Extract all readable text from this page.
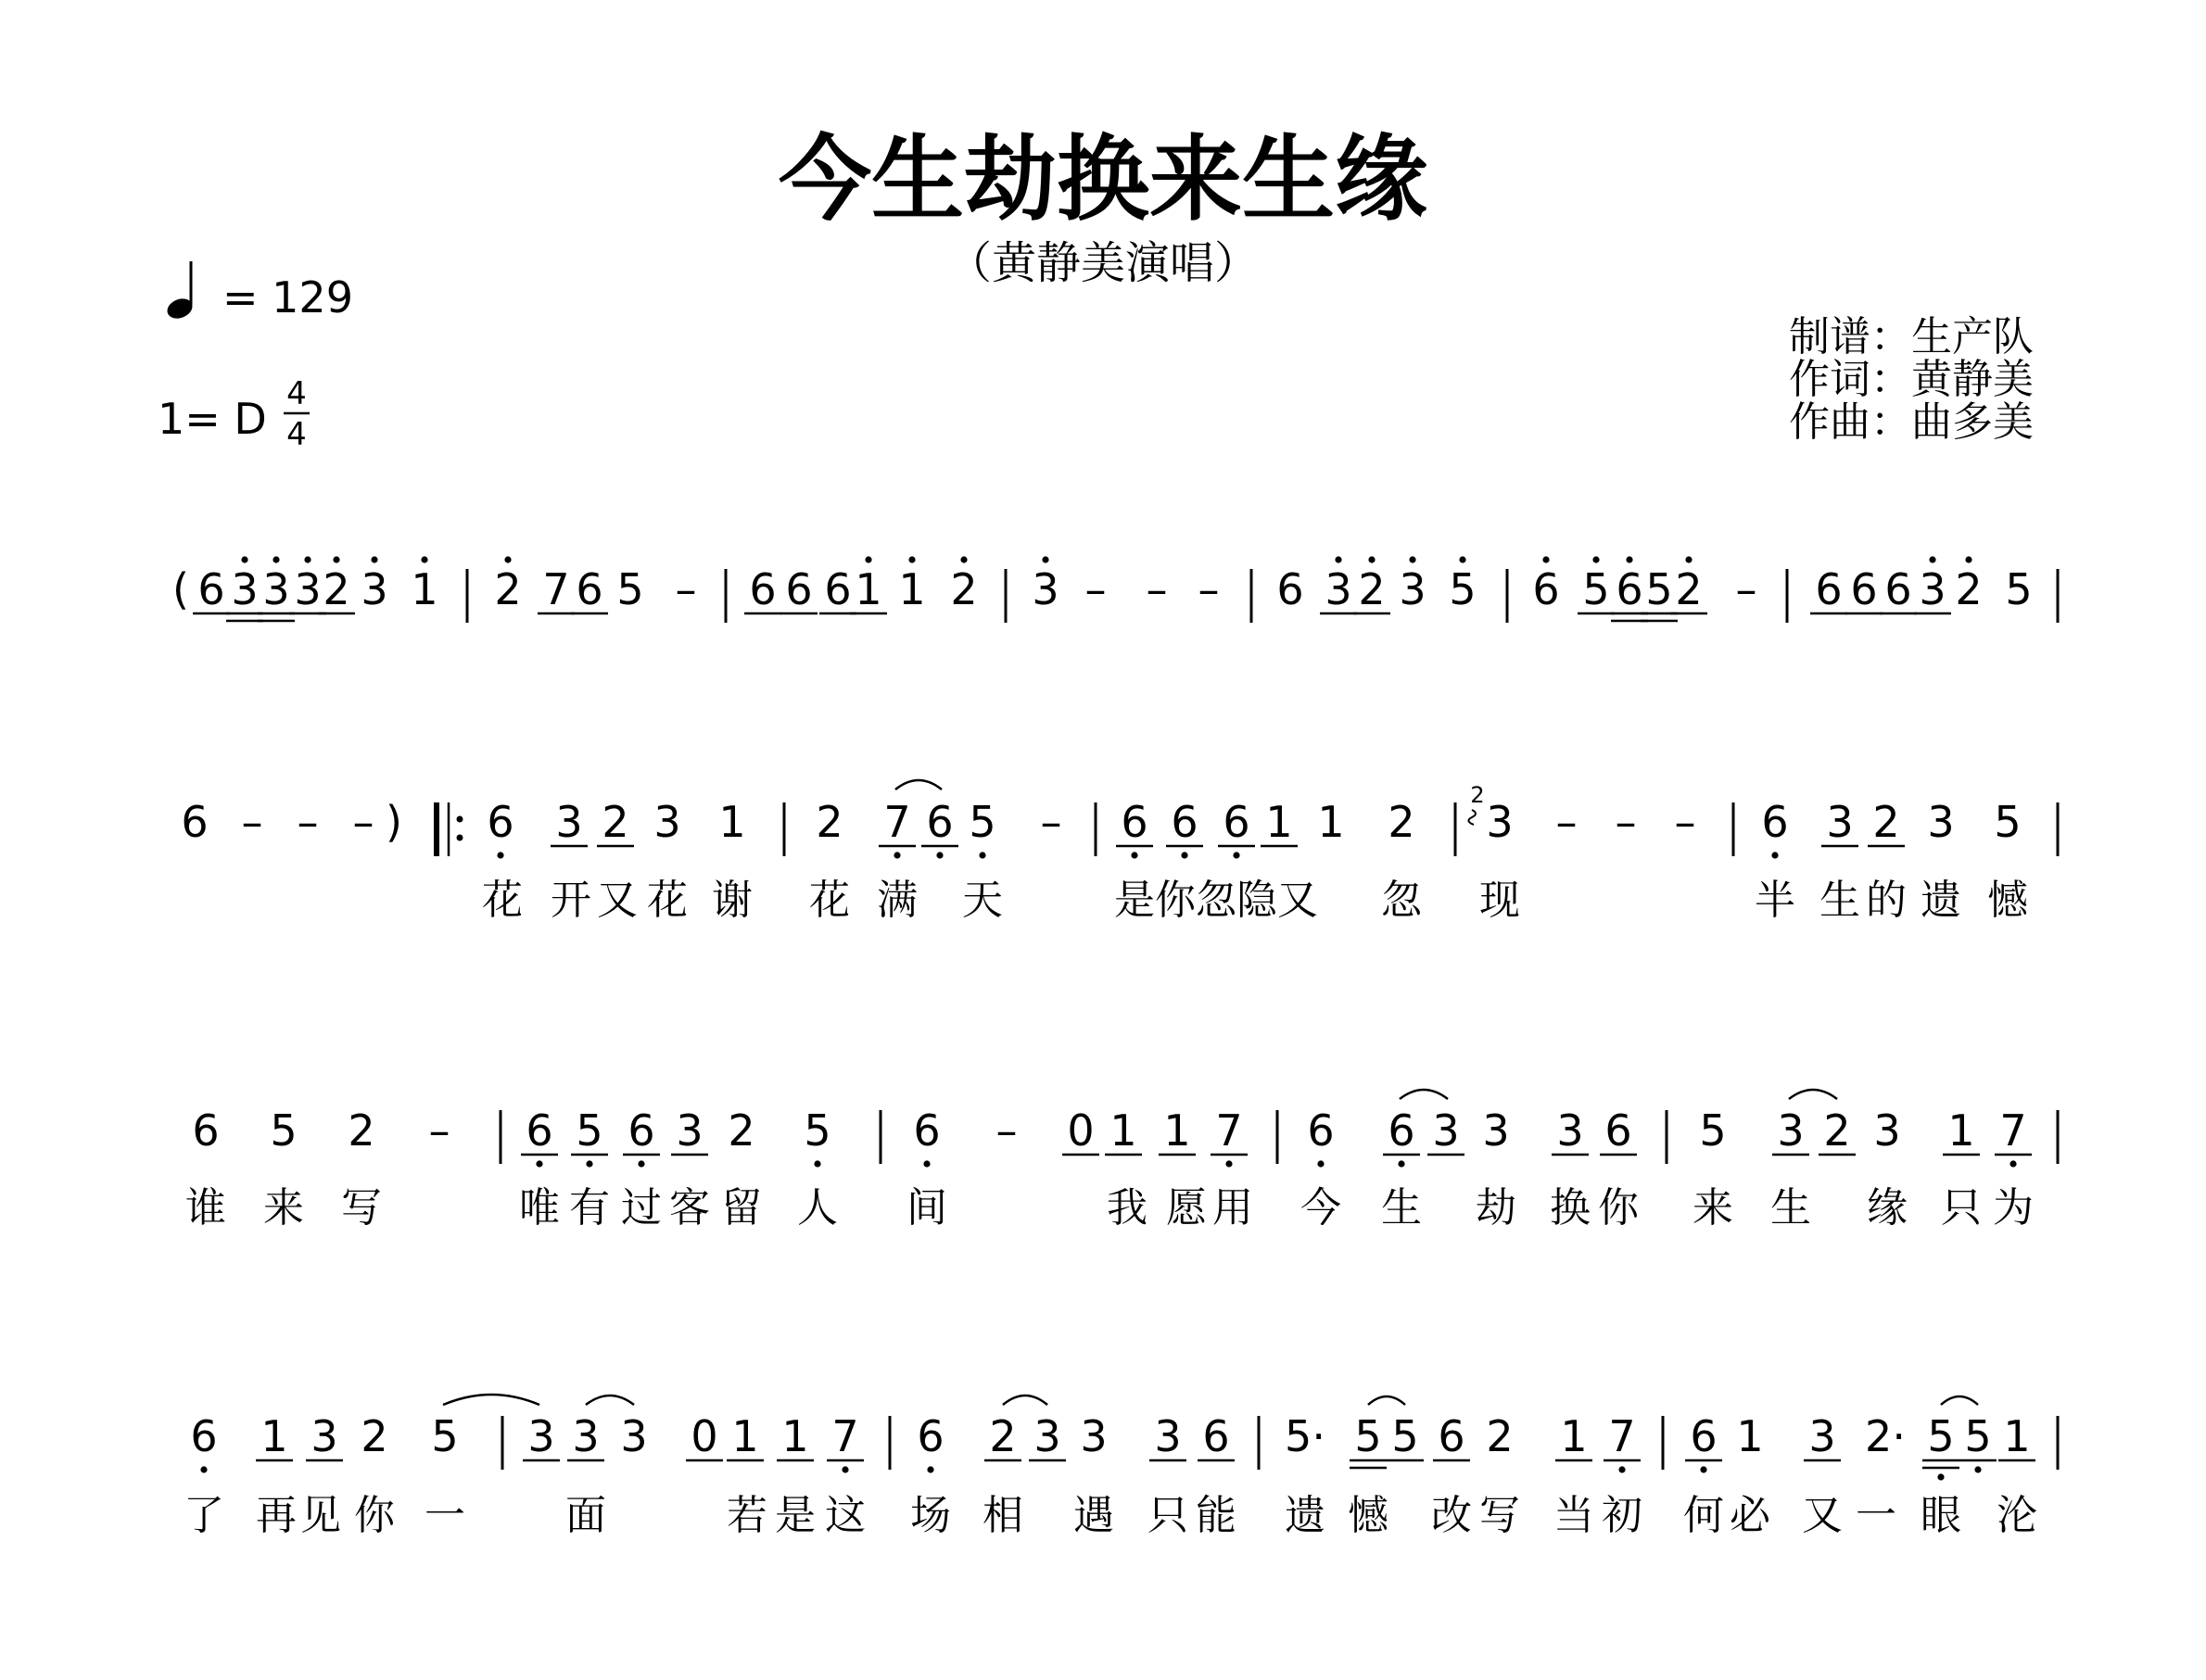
今生劫换来生缘
（黄静美演唱）
= 129
1= D 4
4
制谱：生产队
作词：黄静美
作曲：曲多美
2
( 6 3 3 3 2 3 1 2 7 6 5 – 6 6 6 1 1 2 3 – – – 6 3 2 3 5 6 5 6 5 2 – 6 6 6 3 2 5
6 – – – ) 6 3 2 3 1 2 7 6 5 – 6 6 6 1 1 2 3 – – – 6 3 2 3 5
6 5 2 – 6 5 6 3 2 5 6 – 0 1 1 7 6 6 3 3 3 6 5 3 2 3 1 7
6 1 3 2 5 3 3 3 0 1 1 7 6 2 3 3 3 6 5· 5 5 6 2 1 7 6 1 3 2· 5 5 1
花 开 又 花 谢 花 满 天	是 你 忽 隐 又 忽 现	半 生 的 遗 憾
谁 来 写	唯 有 过 客 留 人 间	我 愿 用 今 生 劫 换 你 来 生 缘 只 为
了 再 见 你 一 面	若 是 这 场 相 遇 只 能 遗 憾 改 写 当 初 何 必 又 一 眼 沦
